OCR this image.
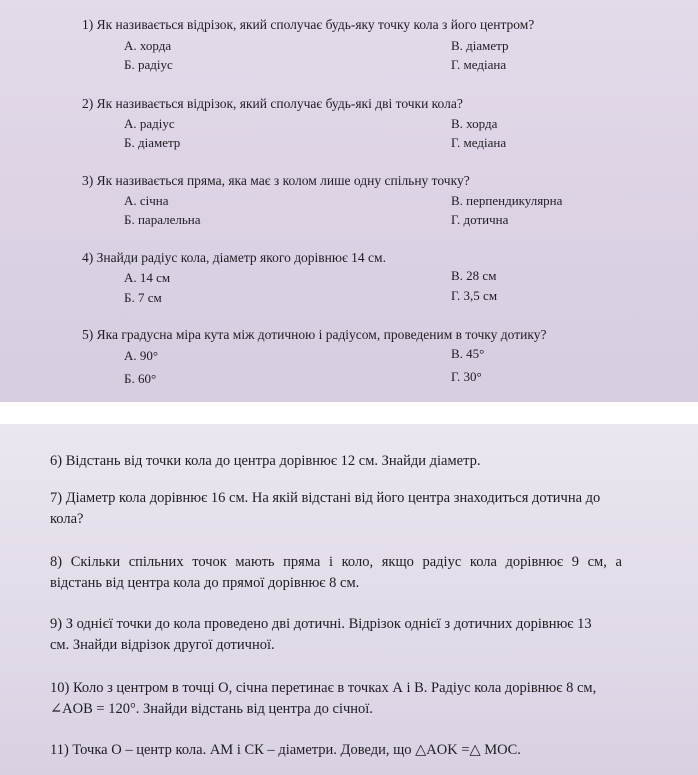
1) Як називається відрізок, який сполучає будь-яку точку кола з його центром?
А. хорда
Б. радіус
В. діаметр
Г. медіана
2) Як називається відрізок, який сполучає будь-які дві точки кола?
А. радіус
Б. діаметр
В. хорда
Г. медіана
3) Як називається пряма, яка має з колом лише одну спільну точку?
А. січна
Б. паралельна
В. перпендикулярна
Г. дотична
4) Знайди радіус кола, діаметр якого дорівнює 14 см.
А. 14 см
Б. 7 см
В. 28 см
Г. 3,5 см
5) Яка градусна міра кута між дотичною і радіусом, проведеним в точку дотику?
А. 90°
Б. 60°
В. 45°
Г. 30°
6) Відстань від точки кола до центра дорівнює 12 см. Знайди діаметр.
7) Діаметр кола дорівнює 16 см. На якій відстані від його центра знаходиться дотична до
кола?
8) Скільки спільних точок мають пряма і коло, якщо радіус кола дорівнює 9 см, а
відстань від центра кола до прямої дорівнює 8 см.
9) З однієї точки до кола проведено дві дотичні. Відрізок однієї з дотичних дорівнює 13
см. Знайди відрізок другої дотичної.
10) Коло з центром в точці О, січна перетинає в точках А і В. Радіус кола дорівнює 8 см,
∠AOB = 120°. Знайди відстань від центра до січної.
11) Точка О – центр кола. АМ і СК – діаметри. Доведи, що △AOK =△ MOC.
